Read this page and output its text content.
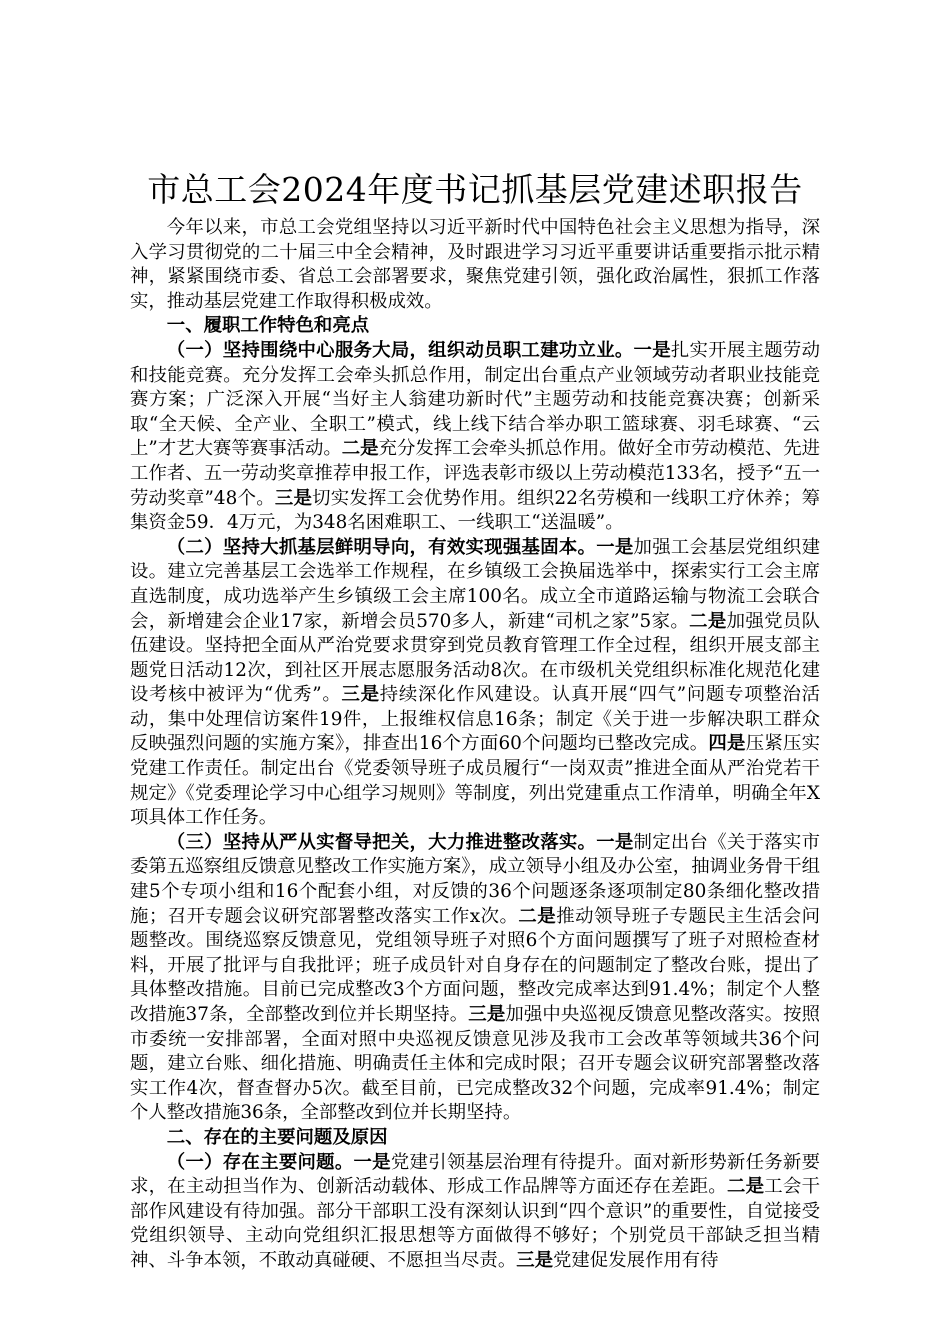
市总工会2024年度书记抓基层党建述职报告

今年以来，市总工会党组坚持以习近平新时代中国特色社会主义思想为指导，深入学习贯彻党的二十届三中全会精神，及时跟进学习习近平重要讲话重要指示批示精神，紧紧围绕市委、省总工会部署要求，聚焦党建引领，强化政治属性，狠抓工作落实，推动基层党建工作取得积极成效。

一、履职工作特色和亮点

（一）坚持围绕中心服务大局，组织动员职工建功立业。一是扎实开展主题劳动和技能竞赛。充分发挥工会牵头抓总作用，制定出台重点产业领域劳动者职业技能竞赛方案；广泛深入开展“当好主人翁建功新时代”主题劳动和技能竞赛决赛；创新采取“全天候、全产业、全职工”模式，线上线下结合举办职工篮球赛、羽毛球赛、“云上”才艺大赛等赛事活动。二是充分发挥工会牵头抓总作用。做好全市劳动模范、先进工作者、五一劳动奖章推荐申报工作，评选表彰市级以上劳动模范133名，授予“五一劳动奖章”48个。三是切实发挥工会优势作用。组织22名劳模和一线职工疗休养；筹集资金59．4万元，为348名困难职工、一线职工“送温暖”。

（二）坚持大抓基层鲜明导向，有效实现强基固本。一是加强工会基层党组织建设。建立完善基层工会选举工作规程，在乡镇级工会换届选举中，探索实行工会主席直选制度，成功选举产生乡镇级工会主席100名。成立全市道路运输与物流工会联合会，新增建会企业17家，新增会员570多人，新建“司机之家”5家。二是加强党员队伍建设。坚持把全面从严治党要求贯穿到党员教育管理工作全过程，组织开展支部主题党日活动12次，到社区开展志愿服务活动8次。在市级机关党组织标准化规范化建设考核中被评为“优秀”。三是持续深化作风建设。认真开展“四气”问题专项整治活动，集中处理信访案件19件，上报维权信息16条；制定《关于进一步解决职工群众反映强烈问题的实施方案》，排查出16个方面60个问题均已整改完成。四是压紧压实党建工作责任。制定出台《党委领导班子成员履行“一岗双责”推进全面从严治党若干规定》《党委理论学习中心组学习规则》等制度，列出党建重点工作清单，明确全年X项具体工作任务。

（三）坚持从严从实督导把关，大力推进整改落实。一是制定出台《关于落实市委第五巡察组反馈意见整改工作实施方案》，成立领导小组及办公室，抽调业务骨干组建5个专项小组和16个配套小组，对反馈的36个问题逐条逐项制定80条细化整改措施；召开专题会议研究部署整改落实工作x次。二是推动领导班子专题民主生活会问题整改。围绕巡察反馈意见，党组领导班子对照6个方面问题撰写了班子对照检查材料，开展了批评与自我批评；班子成员针对自身存在的问题制定了整改台账，提出了具体整改措施。目前已完成整改3个方面问题，整改完成率达到91.4%；制定个人整改措施37条，全部整改到位并长期坚持。三是加强中央巡视反馈意见整改落实。按照市委统一安排部署，全面对照中央巡视反馈意见涉及我市工会改革等领域共36个问题，建立台账、细化措施、明确责任主体和完成时限；召开专题会议研究部署整改落实工作4次，督查督办5次。截至目前，已完成整改32个问题，完成率91.4%；制定个人整改措施36条，全部整改到位并长期坚持。

二、存在的主要问题及原因

（一）存在主要问题。一是党建引领基层治理有待提升。面对新形势新任务新要求，在主动担当作为、创新活动载体、形成工作品牌等方面还存在差距。二是工会干部作风建设有待加强。部分干部职工没有深刻认识到“四个意识”的重要性，自觉接受党组织领导、主动向党组织汇报思想等方面做得不够好；个别党员干部缺乏担当精神、斗争本领，不敢动真碰硬、不愿担当尽责。三是党建促发展作用有待
